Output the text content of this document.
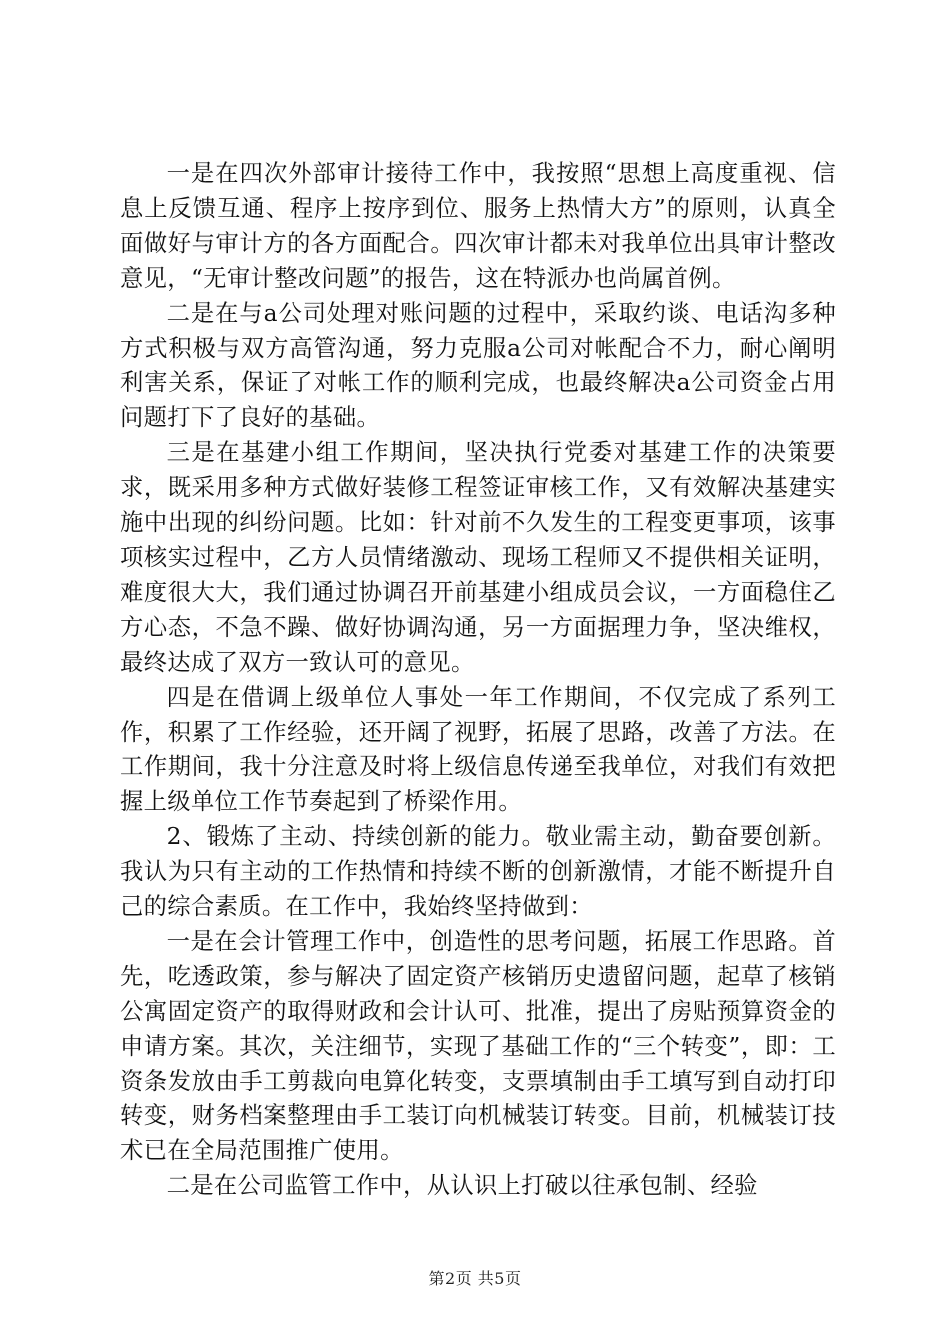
一是在四次外部审计接待工作中，我按照“思想上高度重视、信息上反馈互通、程序上按序到位、服务上热情大方”的原则，认真全面做好与审计方的各方面配合。四次审计都未对我单位出具审计整改意见，“无审计整改问题”的报告，这在特派办也尚属首例。

二是在与a公司处理对账问题的过程中，采取约谈、电话沟多种方式积极与双方高管沟通，努力克服a公司对帐配合不力，耐心阐明利害关系，保证了对帐工作的顺利完成，也最终解决a公司资金占用问题打下了良好的基础。

三是在基建小组工作期间，坚决执行党委对基建工作的决策要求，既采用多种方式做好装修工程签证审核工作，又有效解决基建实施中出现的纠纷问题。比如：针对前不久发生的工程变更事项，该事项核实过程中，乙方人员情绪激动、现场工程师又不提供相关证明，难度很大大，我们通过协调召开前基建小组成员会议，一方面稳住乙方心态，不急不躁、做好协调沟通，另一方面据理力争，坚决维权，最终达成了双方一致认可的意见。

四是在借调上级单位人事处一年工作期间，不仅完成了系列工作，积累了工作经验，还开阔了视野，拓展了思路，改善了方法。在工作期间，我十分注意及时将上级信息传递至我单位，对我们有效把握上级单位工作节奏起到了桥梁作用。

2、锻炼了主动、持续创新的能力。敬业需主动，勤奋要创新。我认为只有主动的工作热情和持续不断的创新激情，才能不断提升自己的综合素质。在工作中，我始终坚持做到：

一是在会计管理工作中，创造性的思考问题，拓展工作思路。首先，吃透政策，参与解决了固定资产核销历史遗留问题，起草了核销公寓固定资产的取得财政和会计认可、批准，提出了房贴预算资金的申请方案。其次，关注细节，实现了基础工作的“三个转变”，即：工资条发放由手工剪裁向电算化转变，支票填制由手工填写到自动打印转变，财务档案整理由手工装订向机械装订转变。目前，机械装订技术已在全局范围推广使用。

二是在公司监管工作中，从认识上打破以往承包制、经验

第2页 共5页
